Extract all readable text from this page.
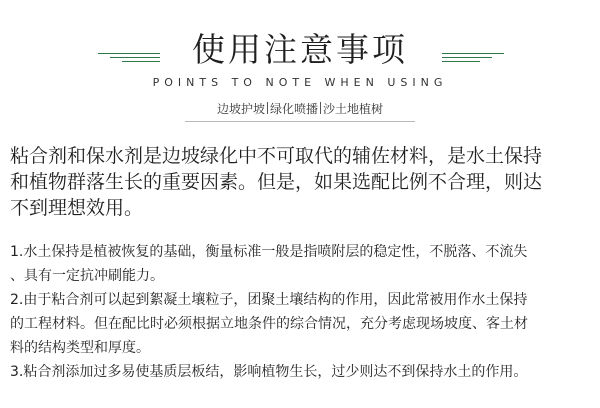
使用注意事项
POINTS TO NOTE WHEN USING
边坡护坡 绿化喷播 沙土地植树
粘合剂和保水剂是边坡绿化中不可取代的辅佐材料，是水土保持
和植物群落生长的重要因素。但是，如果选配比例不合理，则达
不到理想效用。
1.水土保持是植被恢复的基础，衡量标准一般是指喷附层的稳定性，不脱落、不流失
、具有一定抗冲刷能力。
2.由于粘合剂可以起到絮凝土壤粒子，团聚土壤结构的作用，因此常被用作水土保持
的工程材料。但在配比时必须根据立地条件的综合情况，充分考虑现场坡度、客土材
料的结构类型和厚度。
3.粘合剂添加过多易使基质层板结，影响植物生长，过少则达不到保持水土的作用。
